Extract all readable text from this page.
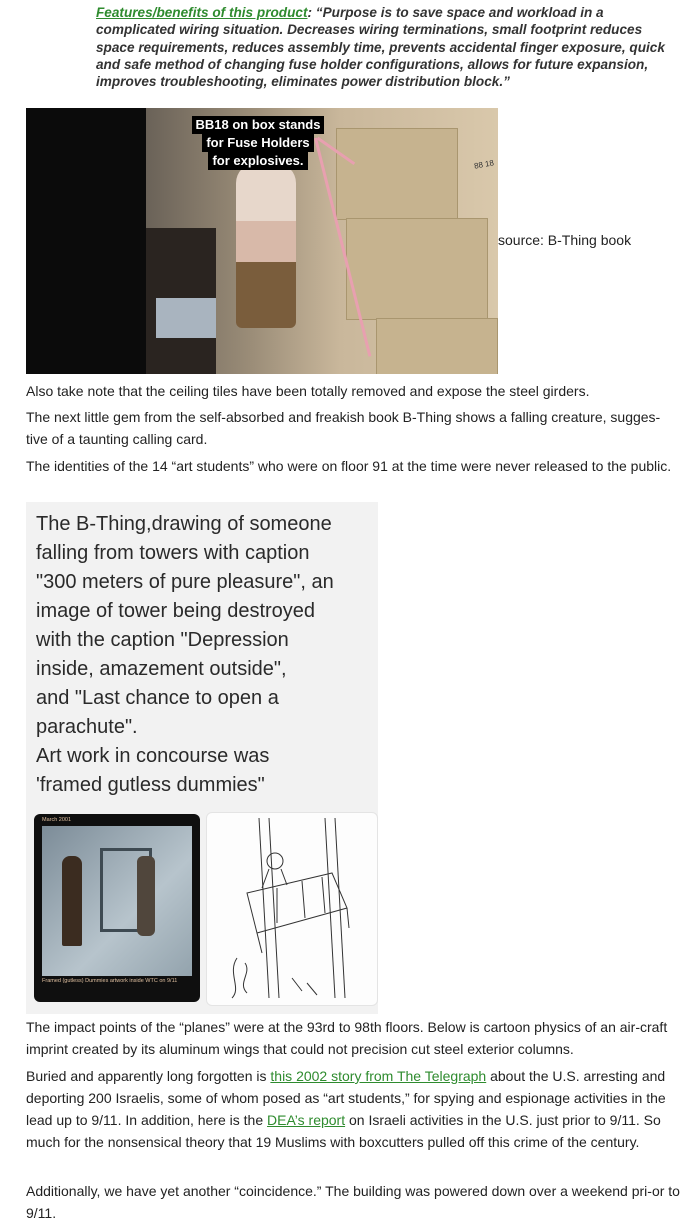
Features/benefits of this product: “Purpose is to save space and workload in a complicated wiring situation. Decreases wiring terminations, small footprint reduces space requirements, reduces assembly time, prevents accidental finger exposure, quick and safe method of changing fuse holder configurations, allows for future expansion, improves troubleshooting, eliminates power distribution block.”
88 18
BB18 on box stands
for Fuse Holders
for explosives.
source: B-Thing book
Also take note that the ceiling tiles have been totally removed and expose the steel girders.
The next little gem from the self-absorbed and freakish book B-Thing shows a falling creature, sugges-tive of a taunting calling card.
The identities of the 14 “art students” who were on floor 91 at the time were never released to the public.
The B-Thing,drawing of someone
falling from towers with caption
"300 meters of pure pleasure", an
image of tower being destroyed
with the caption "Depression
inside, amazement outside",
and "Last chance to open a
parachute".
Art work in concourse was
'framed gutless dummies"
March 2001
Framed (gutless) Dummies artwork inside WTC on 9/11
The impact points of the “planes” were at the 93rd to 98th floors. Below is cartoon physics of an air-craft imprint created by its aluminum wings that could not precision cut steel exterior columns.
Buried and apparently long forgotten is this 2002 story from The Telegraph about the U.S. arresting and deporting 200 Israelis, some of whom posed as “art students,” for spying and espionage activities in the lead up to 9/11. In addition, here is the DEA’s report on Israeli activities in the U.S. just prior to 9/11. So much for the nonsensical theory that 19 Muslims with boxcutters pulled off this crime of the century.
Additionally, we have yet another “coincidence.” The building was powered down over a weekend pri-or to 9/11.
